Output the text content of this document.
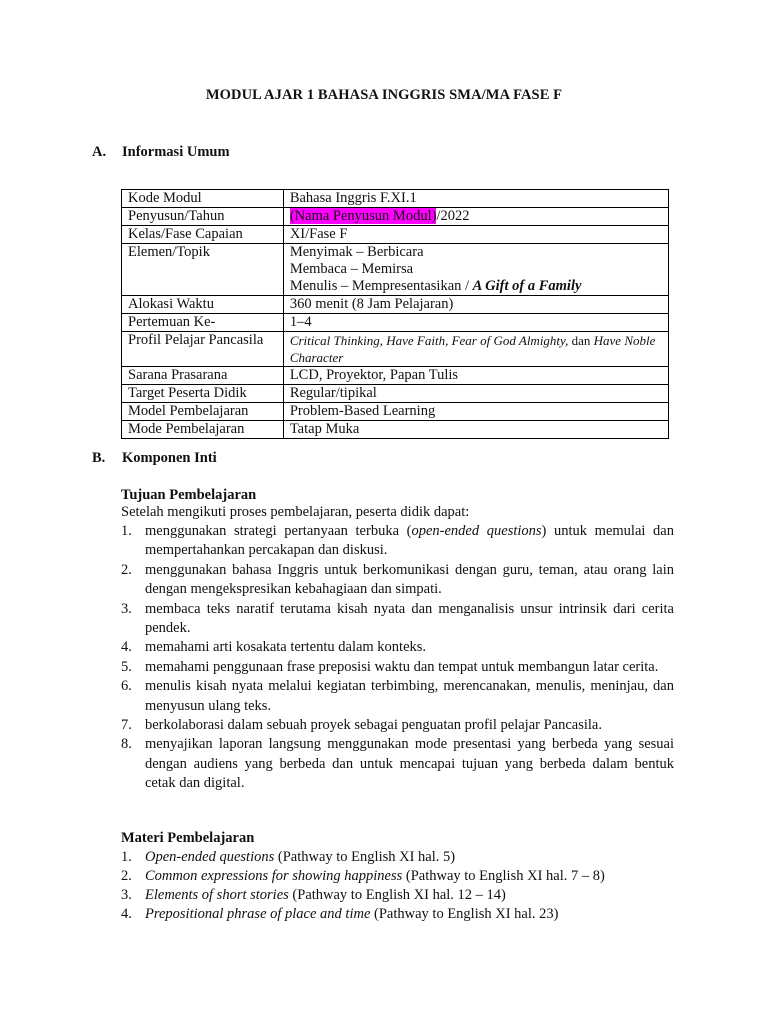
MODUL AJAR 1 BAHASA INGGRIS SMA/MA FASE F
A. Informasi Umum
Kode Modul	Bahasa Inggris F.XI.1
Penyusun/Tahun	(Nama Penyusun Modul)/2022
Kelas/Fase Capaian	XI/Fase F
Elemen/Topik	Menyimak – Berbicara
Membaca – Memirsa
Menulis – Mempresentasikan / A Gift of a Family

Alokasi Waktu	360 menit (8 Jam Pelajaran)
Pertemuan Ke-	1–4
Profil Pelajar Pancasila	Critical Thinking, Have Faith, Fear of God Almighty, dan Have Noble Character
Sarana Prasarana	LCD, Proyektor, Papan Tulis
Target Peserta Didik	Regular/tipikal
Model Pembelajaran	Problem-Based Learning
Mode Pembelajaran	Tatap Muka
B. Komponen Inti
Tujuan Pembelajaran
Setelah mengikuti proses pembelajaran, peserta didik dapat:
1. menggunakan strategi pertanyaan terbuka (open-ended questions) untuk memulai dan mempertahankan percakapan dan diskusi.
2. menggunakan bahasa Inggris untuk berkomunikasi dengan guru, teman, atau orang lain dengan mengekspresikan kebahagiaan dan simpati.
3. membaca teks naratif terutama kisah nyata dan menganalisis unsur intrinsik dari cerita pendek.
4. memahami arti kosakata tertentu dalam konteks.
5. memahami penggunaan frase preposisi waktu dan tempat untuk membangun latar cerita.
6. menulis kisah nyata melalui kegiatan terbimbing, merencanakan, menulis, meninjau, dan menyusun ulang teks.
7. berkolaborasi dalam sebuah proyek sebagai penguatan profil pelajar Pancasila.
8. menyajikan laporan langsung menggunakan mode presentasi yang berbeda yang sesuai dengan audiens yang berbeda dan untuk mencapai tujuan yang berbeda dalam bentuk cetak dan digital.
Materi Pembelajaran
1. Open-ended questions (Pathway to English XI hal. 5)
2. Common expressions for showing happiness (Pathway to English XI hal. 7 – 8)
3. Elements of short stories (Pathway to English XI hal. 12 – 14)
4. Prepositional phrase of place and time (Pathway to English XI hal. 23)
